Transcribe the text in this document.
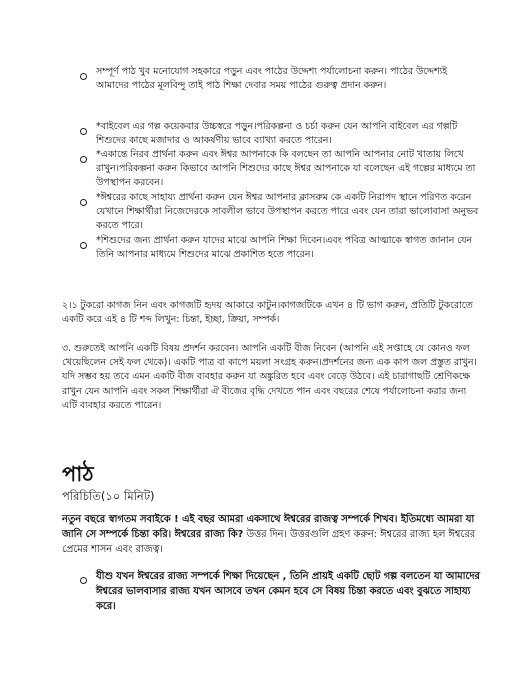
সম্পূর্ণ পাঠ খুব মনোযোগ সহকারে পড়ুন এবং পাঠের উদ্দেশ্য পর্যালোচনা করুন। পাঠের উদ্দেশ্যই আমাদের পাঠের মূলবিন্দু তাই পাঠ শিক্ষা দেবার সময় পাঠের গুরুত্ব প্রদান করুন।

*বাইবেল এর গল্প কয়েকবার উচ্চস্বরে পড়ুন।পরিকল্পনা ও চর্চা করুন যেন আপনি বাইবেল এর গল্পটি শিশুদের কাছে মজাদার ও আকর্ষণীয় ভাবে ব্যাখ্যা করতে পারেন।

*একান্তে নিরব প্রার্থনা করুন এবং ঈশ্বর আপনাকে কি বলছেন তা আপনি আপনার নোট খাতায় লিখে রাখুন।পরিকল্পনা করুন কিভাবে আপনি শিশুদের কাছে ঈশ্বর আপনাকে যা বলেছেন এই গল্পের মাধ্যমে তা উপস্থাপন করবেন।

*ঈশ্বরের কাছে সাহায্য প্রার্থনা করুন যেন ঈশ্বর আপনার ক্লাসরুম কে একটি নিরাপদ স্থানে পরিণত করেন যেখানে শিক্ষার্থীরা নিজেদেরকে সাবলীল ভাবে উপস্থাপন করতে পারে এবং যেন তারা ভালোবাসা অনুভব করতে পারে।

*শিশুদের জন্য প্রার্থনা করুন যাদের মাঝে আপনি শিক্ষা দিবেন।এবং পবিত্র আত্মাকে স্বাগত জানান যেন তিনি আপনার মাধ্যমে শিশুদের মাঝে প্রকাশিত হতে পারেন।

২।১ টুকরো কাগজ নিন এবং কাগজটি হৃদয় আকারে কাটুন।কাগজটিকে এখন ৪ টি ভাগ করুন, প্রতিটি টুকরোতে একটি করে এই ৪ টি শব্দ লিখুন: চিন্তা, ইচ্ছা, ক্রিয়া, সম্পর্ক।

৩. শুরুতেই আপনি একটি বিষয় প্রদর্শন করবেন। আপনি একটি বীজ নিবেন (আপনি এই সপ্তাহে যে কোনও ফল খেয়েছিলেন সেই ফল থেকে)। একটি পাত্র বা কাপে ময়লা সংগ্রহ করুন।প্রদর্শনের জন্য এক কাপ জল প্রস্তুত রাখুন। যদি সম্ভব হয় তবে এমন একটি বীজ ব্যবহার করুন যা অঙ্কুরিত হবে এবং বেড়ে উঠবে। এই চারাগাছটি শ্রেণিকক্ষে রাখুন যেন আপনি এবং সকল শিক্ষার্থীরা ঐ বীজের বৃদ্ধি দেখতে পান এবং বছরের শেষে পর্যালোচনা করার জন্য এটি ব্যবহার করতে পারেন।

পাঠ
পরিচিতি(১০ মিনিট)

নতুন বছরে স্বাগতম সবাইকে ! এই বছর আমরা একসাথে ঈশ্বরের রাজত্ব সম্পর্কে শিখব। ইতিমধ্যে আমরা যা জানি সে সম্পর্কে চিন্তা করি। ঈশ্বরের রাজ্য কি? উত্তর দিন। উত্তরগুলি গ্রহণ করুন: ঈশ্বরের রাজ্য হল ঈশ্বরের প্রেমের শাসন এবং রাজত্ব।

যীশু যখন ঈশ্বরের রাজ্য সম্পর্কে শিক্ষা দিয়েছেন , তিনি প্রায়ই একটি ছোট গল্প বলতেন যা আমাদের ঈশ্বরের ভালবাসার রাজ্য যখন আসবে তখন কেমন হবে সে বিষয় চিন্তা করতে এবং বুঝতে সাহায্য করে।
